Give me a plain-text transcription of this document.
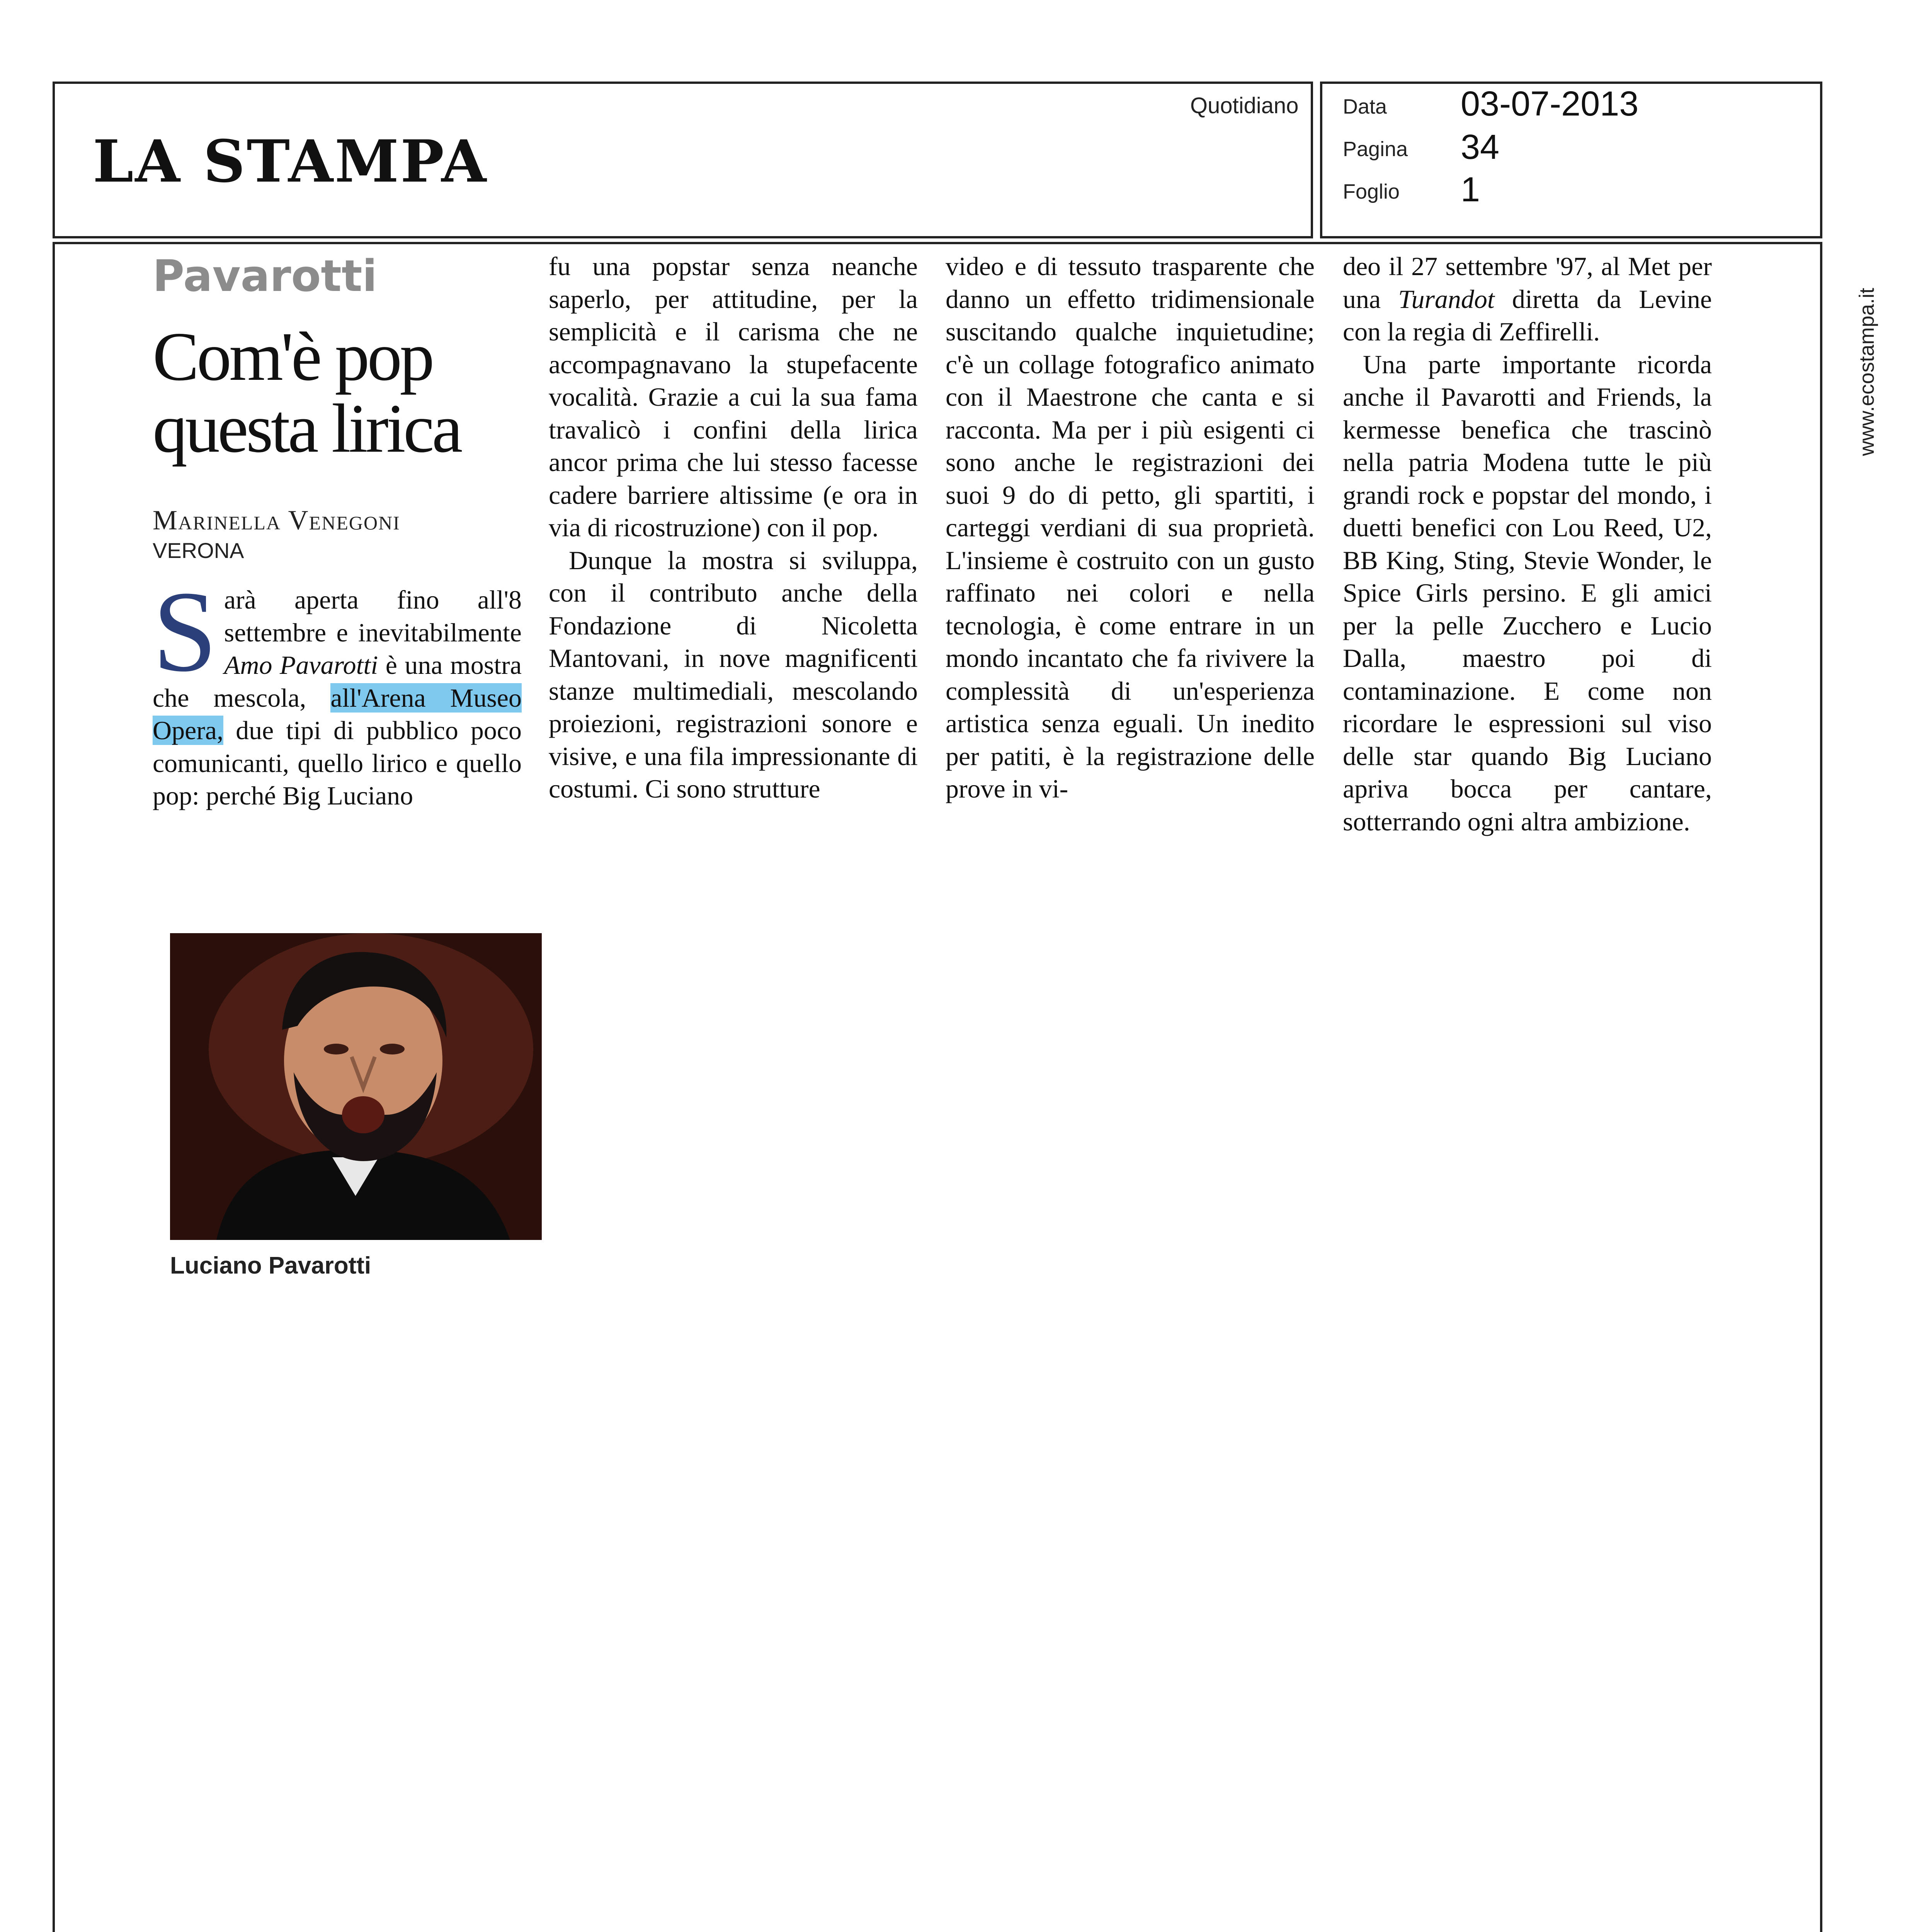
LA STAMPA
Quotidiano Data 03-07-2013
Pagina 34
Foglio 1
www.ecostampa.it
Pavarotti
Com'è pop questa lirica
Marinella Venegoni
VERONA

Sarà aperta fino all'8 settembre e inevitabilmente Amo Pavarotti è una mostra che mescola, all'Arena Museo Opera, due tipi di pubblico poco comunicanti, quello lirico e quello pop: perché Big Luciano

fu una popstar senza neanche saperlo, per attitudine, per la semplicità e il carisma che ne accompagnavano la stupefacente vocalità. Grazie a cui la sua fama travalicò i confini della lirica ancor prima che lui stesso facesse cadere barriere altissime (e ora in via di ricostruzione) con il pop.

Dunque la mostra si sviluppa, con il contributo anche della Fondazione di Nicoletta Mantovani, in nove magnificenti stanze multimediali, mescolando proiezioni, registrazioni sonore e visive, e una fila impressionante di costumi. Ci sono strutture

video e di tessuto trasparente che danno un effetto tridimensionale suscitando qualche inquietudine; c'è un collage fotografico animato con il Maestrone che canta e si racconta. Ma per i più esigenti ci sono anche le registrazioni dei suoi 9 do di petto, gli spartiti, i carteggi verdiani di sua proprietà. L'insieme è costruito con un gusto raffinato nei colori e nella tecnologia, è come entrare in un mondo incantato che fa rivivere la complessità di un'esperienza artistica senza eguali. Un inedito per patiti, è la registrazione delle prove in vi-

deo il 27 settembre '97, al Met per una Turandot diretta da Levine con la regia di Zeffirelli.

Una parte importante ricorda anche il Pavarotti and Friends, la kermesse benefica che trascinò nella patria Modena tutte le più grandi rock e popstar del mondo, i duetti benefici con Lou Reed, U2, BB King, Sting, Stevie Wonder, le Spice Girls persino. E gli amici per la pelle Zucchero e Lucio Dalla, maestro poi di contaminazione. E come non ricordare le espressioni sul viso delle star quando Big Luciano apriva bocca per cantare, sotterrando ogni altra ambizione.

Luciano Pavarotti
